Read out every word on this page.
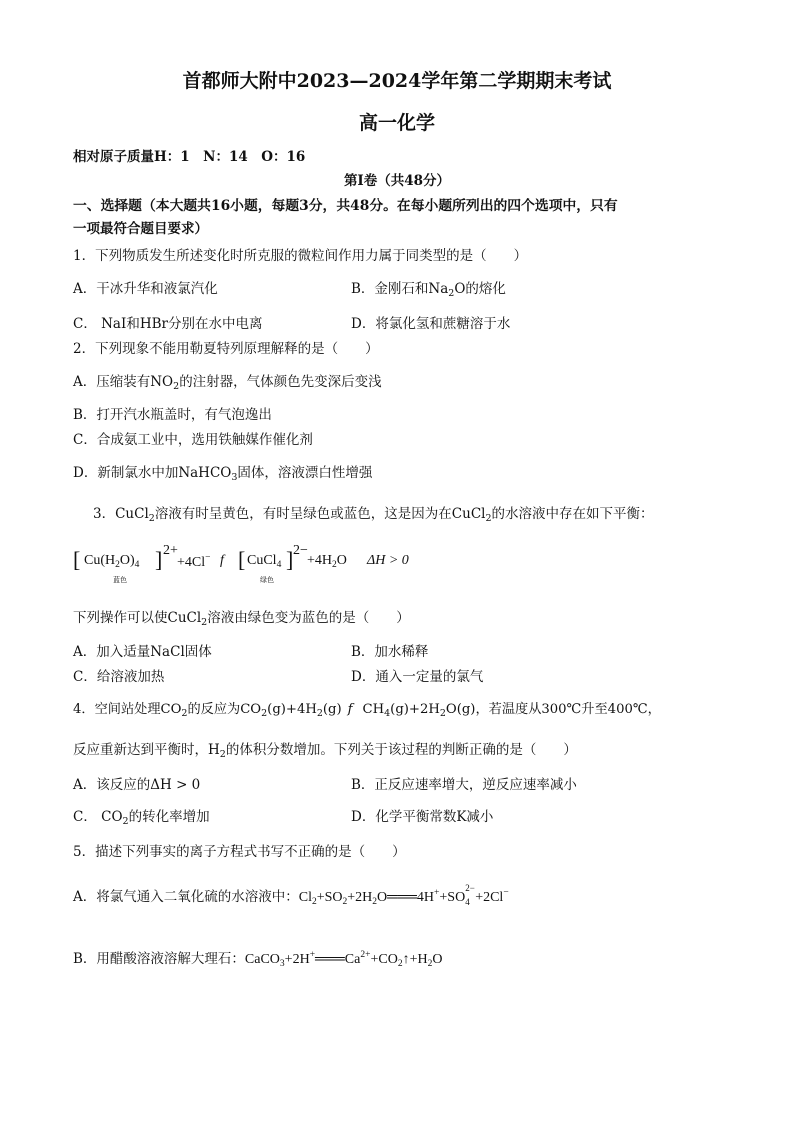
首都师大附中2023—2024学年第二学期期末考试
高一化学
相对原子质量H：1　N：14　O：16
第I卷（共48分）
一、选择题（本大题共16小题，每题3分，共48分。在每小题所列出的四个选项中，只有
一项最符合题目要求）
1．下列物质发生所述变化时所克服的微粒间作用力属于同类型的是（　　）
A．干冰升华和液氯汽化	B．金刚石和$Na_2O$的熔化
C． NaI和HBr分别在水中电离	D．将氯化氢和蔗糖溶于水
2．下列现象不能用勒夏特列原理解释的是（　　）
A．压缩装有$NO_2$的注射器，气体颜色先变深后变浅
B．打开汽水瓶盖时，有气泡逸出
C．合成氨工业中，选用铁触媒作催化剂
D．新制氯水中加NaHCO$_3$固体，溶液漂白性增强
3．CuCl$_2$溶液有时呈黄色，有时呈绿色或蓝色，这是因为在CuCl$_2$的水溶液中存在如下平衡：
[ $Cu(H_2O)_4$ ] 2+
蓝色
+4Cl− f [ CuCl$_4$ ] 2−
绿色
$+4H_2O$ ΔH > 0
下列操作可以使CuCl$_2$溶液由绿色变为蓝色的是（　　）
A．加入适量NaCl固体	B．加水稀释
C．给溶液加热	D．通入一定量的氯气
4．空间站处理$CO_2$的反应为$CO_2(g)+4H_2(g)$ f $CH_4(g)+2H_2O(g)$，若温度从300℃升至400℃，
反应重新达到平衡时，$H_2$的体积分数增加。下列关于该过程的判断正确的是（　　）
A．该反应的ΔH > 0	B．正反应速率增大，逆反应速率减小
C． $CO_2$的转化率增加	D．化学平衡常数K减小
5．描述下列事实的离子方程式书写不正确的是（　　）
A．将氯气通入二氧化硫的水溶液中：$Cl_2+SO_2+2H_2O═══4H^++SO$
2−
4 +2Cl−
B．用醋酸溶液溶解大理石：$CaCO_3+2H^+═══Ca^{2+}+CO_2↑+H_2O$
